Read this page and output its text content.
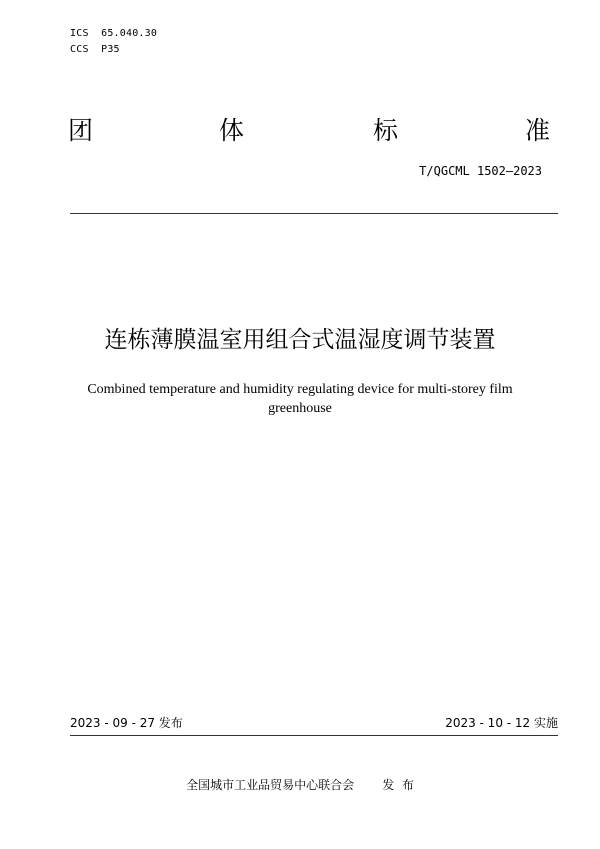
ICS  65.040.30
CCS  P35
团	体	标	准
T/QGCML 1502—2023
连栋薄膜温室用组合式温湿度调节装置
Combined temperature and humidity regulating device for multi-storey film
greenhouse
2023 - 09 - 27 发布	2023 - 10 - 12 实施
全国城市工业品贸易中心联合会 发  布
